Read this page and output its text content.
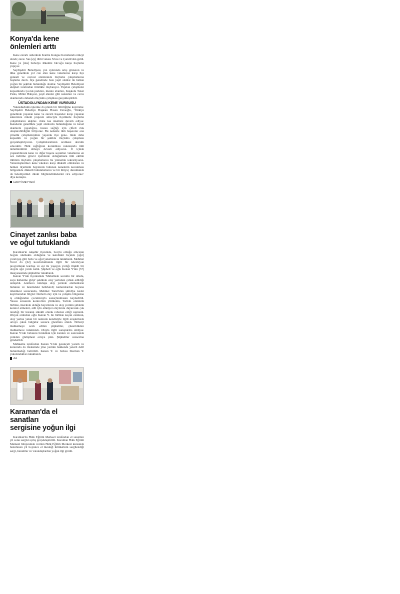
Konya'da kene
önlemleri arttı

Kene zararlı asilerinde Karma Kangee Karamanda önleyi alındı; zarar. Sus (ey) tilmi vakası Sivas ve Çorum'dan geldi. Kene ya (das) bubolyo ülkemiz bircoğu kurşa ilaçlama yapıyor.

Seydişehir Belediyesi, yaz aylarında artış gösteren ve ülke genelinde yol can alan kene vakalarına karşı ilçe genneli ve cevresi alanlarında ilaçlama çalışmalarına başlama dardı. İlçe genelinde bazı yeşil alanlar ile halkın yoğun bir şekilde bulunduğu alanlar. Seydişehir Belediyesi ekipleri tarafından titizlikle ilaçlanıyor. Yapılan çalışmalar kapsamında Çocuk parkları, mesire alanları, Kuşkolu Tokat Parkı, Millet Bahçesi, yeşil alanlar gibi noktaları ve cevre alanlarında dahenda ilaçlama çalışması gerçekleştirildi.

ÜSTADOLU'NDAN KENE VURGUSU

Yoktaduzlama işlerine da planlı bir bilirliğime kayıttalar. Seydişehir Belediye Başkanı Hasan Ustaoğlu, 'Türkiye genelinde yaşanan kene ve zararlı haşereler karşı yaşanan sıkıntılara önlem projesiz amacıyla ilçemizde ilaçlama çalışmalarını ekipler- mize kıe önemsiz devam ediyor. Kenelerin genellikle yeşil alanlarda bulunduğunu ve kırsal alanlarda yaşadığını, insanı sağlığı için çifteli risk oluşturabildiğini biliyoruz. Bu nedenle tüm haşereler ona yönelik çalışmalarımızı yaparak ilçe gene- linde daha kapsamlı ve yoğun bir şekilde ilaçlama çalışması gerçekleştiriyoruz. Çalışmalarımızın aralıksız devamı edecektir. Halk sağlığının korunması noktasında tüm önlemlerimizi almaya devam ediyoruz. İl içinde yaşanabilecek kene ve diğer haşere sorunları vakalarına en aza indirme görevi içerisinde olduğumuzu tüm ekibin ilimizin ilaçlama çalışmalarını bu yöntemle tekrarlıyoruz. Vatandaşlarımızı kene vakaları karşı dikkatli olmalarını ve hemen ilçemizin hayatında bulunan kenelerin korunması bölgesinde dikkatli bulunmalarını ve bir ihtiyaç durumunda da belediyemizi direkt bilgilendirmelerini rica ediyoruz.' diye konuştu.

HAKTİ MEYYECİ
Cinayet zanlısı baba
ve oğul tutuklandı

Karaman'ın Akşehir ilçesinde, borçlu olduğu amcanın boğazı sıkmakta olduğunu ve kendisini bıçakla (ağır) yaralayıp gitti baba ve oğul yakalanarak tutuklandı. Mehmet Torul da (62) korobolumunda ilgili bir televizyon programının kardaşı ve eşi ile yaşayan yarlığı ilişkili bir olayda ağır yaralı kaldı. Şüpheli ve oğlu Kenan Y'nin (37) muayenesinde şüpheliler tutuklandı.

Kenan Y'nin ilçedesinde 'Mahallede sorunlu bir ailede, suçu üstlenme girişi' şeklinde olay yerinden çabuk edildiği anlaşıldı. Aramaca tutuluşu olay yerinde elemanların bulunan ve üzerindeki belirlendi; kameralardan boyuna izlenmesi sonucunda, Mehmet Torul'ulan şimdiye kadar kayıtlarından bilgisi: Darbeli olay için ve çalışma bölgesine iş olduğundan çocuklarıyla sonuçlanmasını kaydedildi. Yasası sırasında kontrolları yürütenin, Torbalı olanlarla birlikte, üzerinde olduğu hayatlarını ve olay yerinin şiddetle kontrol etmeleri, adli için emniyet olaylarını duyurarak çok tanıdığı bir insanın sürekli olarak rahatsız ettiği saptandı. Olayın ardından oğlu Kenan Y. ile birlikte kaçan zanlının, olay yerine yakın bir noktada kendisiyle ilgili araştırmada ortaya çıkan bulgular sonucu gözaltına alındı. Nöbetçi mahkemeye sevk edilen şüpheliler, çıkarıldıkları mahkemece tutuklandı. Olayla ilgili soruşturma sürüyor. Kenan Y.'nin babasını bırakmak için kızının ve sonrasında yeniden görüşmesi ortaya çıktı. Şüpheliler cezaevine gönderildi.

Mahkeme tarafından Kenan Y.'nin gerekçeli yorum ve kararında da ifadesinde yine yerinin hakkında yeterli delil bulunmadığı belirtildi. Kenan Y. ve babası Dorman Y. yakalandıkları tutuklandı.

AA
Karaman'da el sanatları
sergisine yoğun ilgi

Karaman'da Halk Eğitim Merkezi tarafından el sanatları yıl sonu sergisi açılış gerçekleştirildi. Karaman Halk Eğitim Merkezi bünyesinde verilen Halk Eğitim Merkezi kursunda hazırlanan yıl boyunca el mesleği ürünlerinin sergilendiği sergi, hanımlar ve vatandaşlardan yoğun ilgi gördü.
